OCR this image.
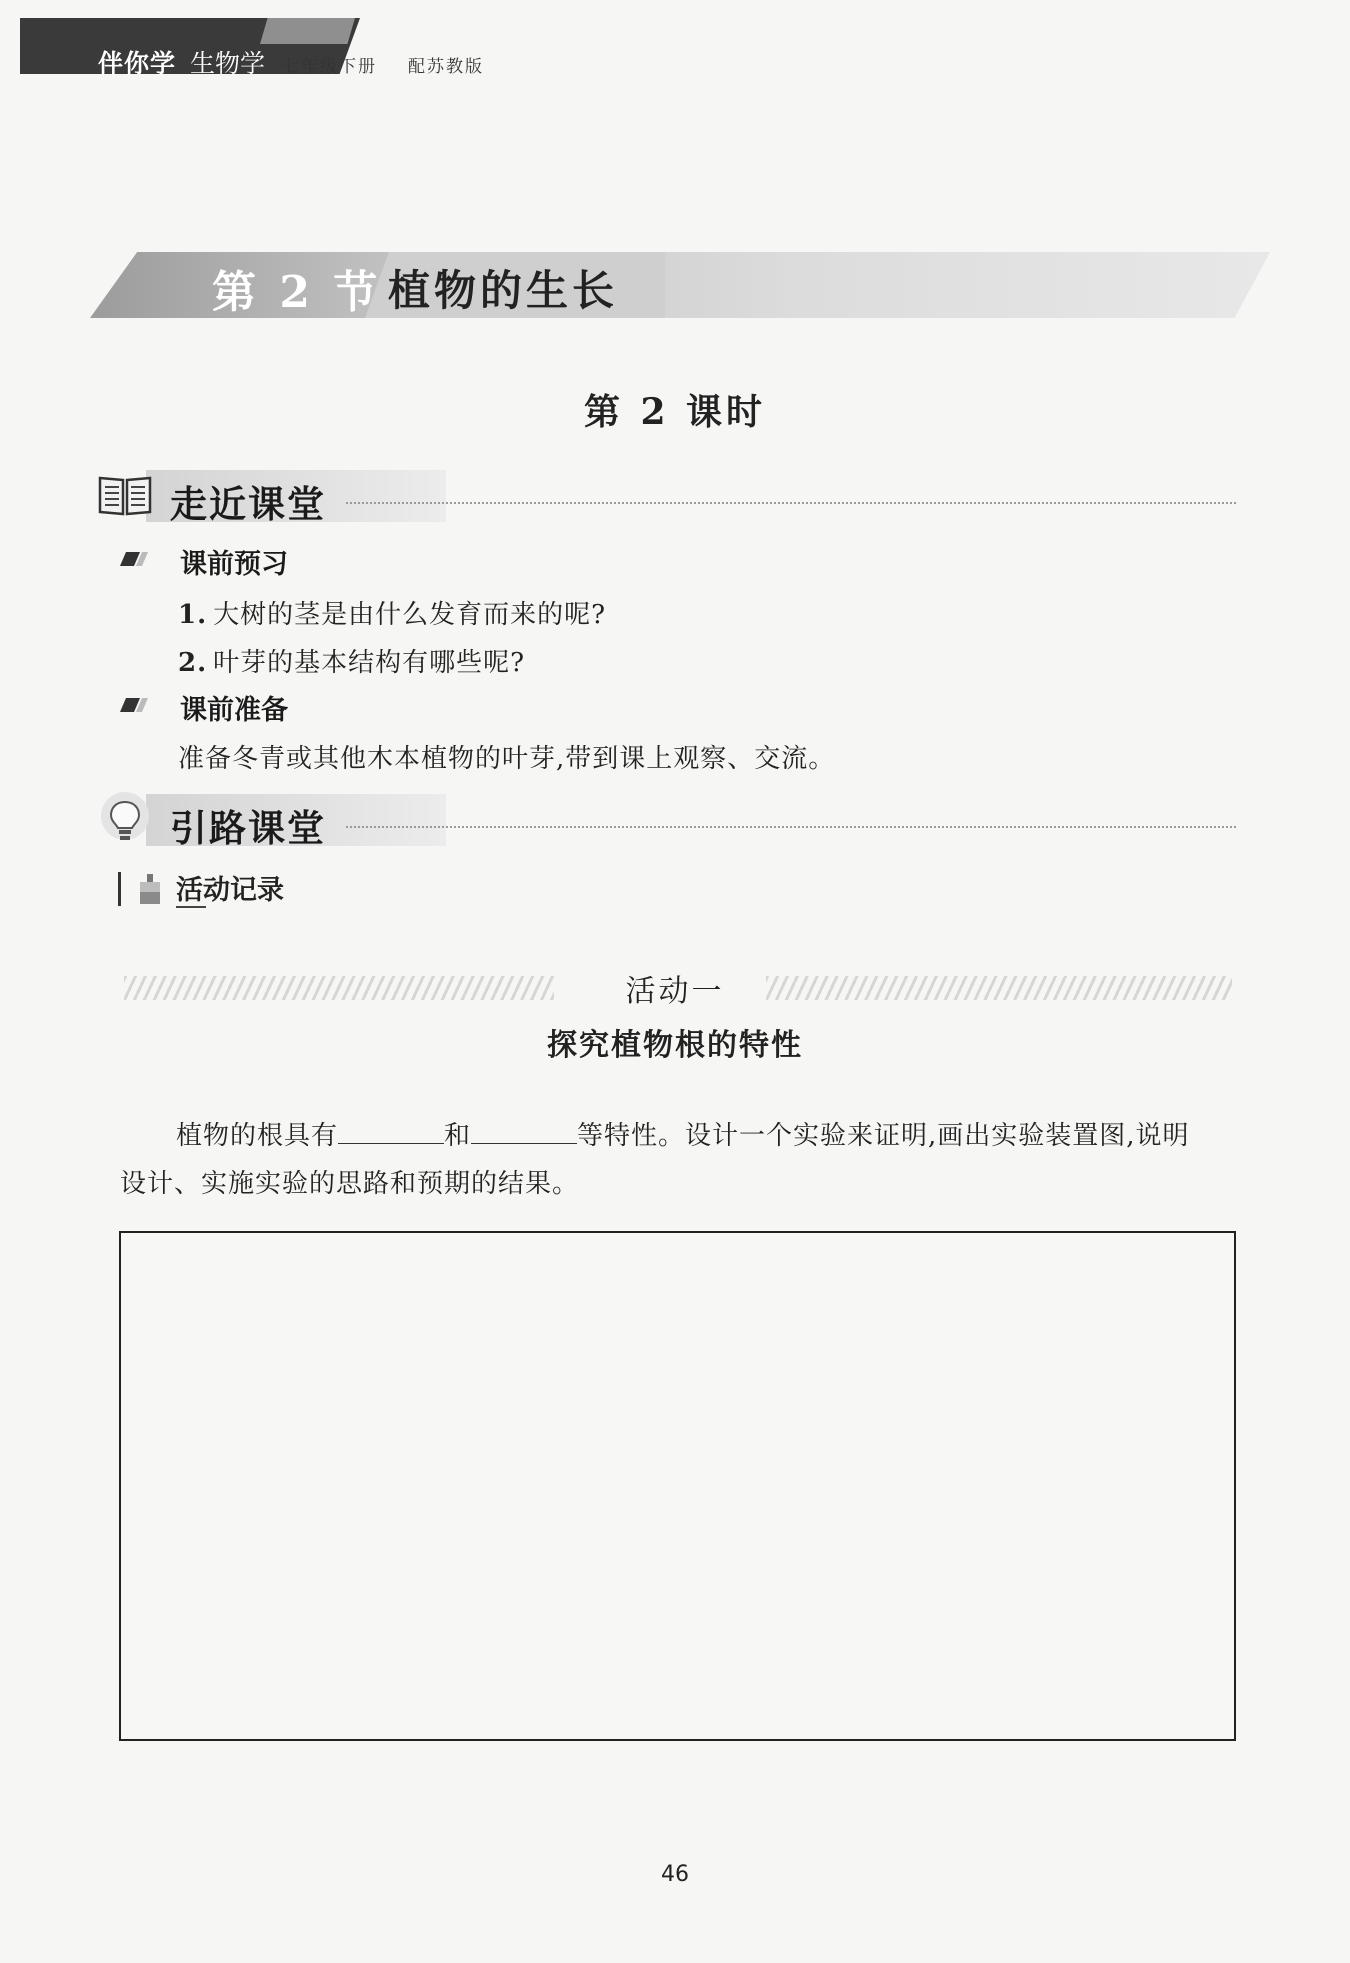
伴你学 生物学 七年级下册 配苏教版
第 2 节 植物的生长
第 2 课时
走近课堂
课前预习
1. 大树的茎是由什么发育而来的呢?
2. 叶芽的基本结构有哪些呢?
课前准备
准备冬青或其他木本植物的叶芽,带到课上观察、交流。
引路课堂
活动记录
活动一
探究植物根的特性
植物的根具有	和	等特性。设计一个实验来证明,画出实验装置图,说明
设计、实施实验的思路和预期的结果。
46
